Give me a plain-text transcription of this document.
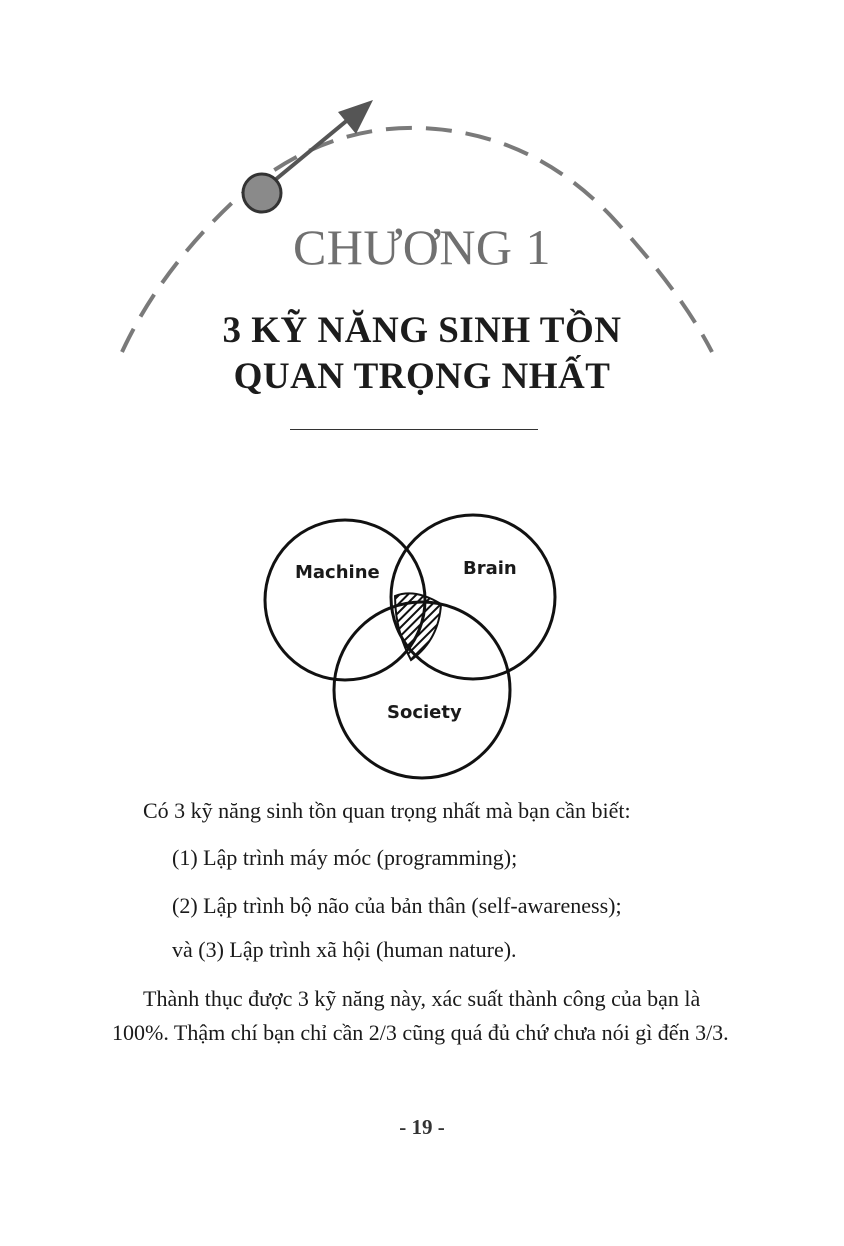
CHƯƠNG 1
3 KỸ NĂNG SINH TỒN
QUAN TRỌNG NHẤT
Machine	Brain
Society
Có 3 kỹ năng sinh tồn quan trọng nhất mà bạn cần biết:
(1) Lập trình máy móc (programming);
(2) Lập trình bộ não của bản thân (self-awareness);
và (3) Lập trình xã hội (human nature).

Thành thục được 3 kỹ năng này, xác suất thành công của bạn là 100%. Thậm chí bạn chỉ cần 2/3 cũng quá đủ chứ chưa nói gì đến 3/3.

- 19 -
